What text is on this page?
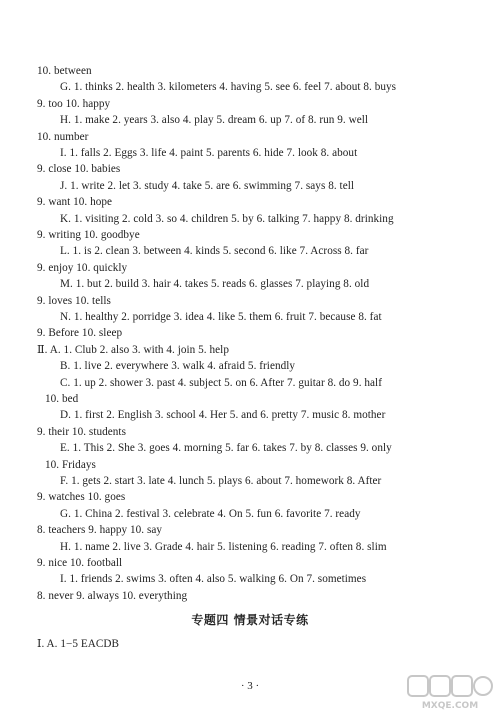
10. between
G. 1. thinks 2. health 3. kilometers 4. having 5. see 6. feel 7. about 8. buys
9. too 10. happy
H. 1. make 2. years 3. also 4. play 5. dream 6. up 7. of 8. run 9. well
10. number
I. 1. falls 2. Eggs 3. life 4. paint 5. parents 6. hide 7. look 8. about
9. close 10. babies
J. 1. write 2. let 3. study 4. take 5. are 6. swimming 7. says 8. tell
9. want 10. hope
K. 1. visiting 2. cold 3. so 4. children 5. by 6. talking 7. happy 8. drinking
9. writing 10. goodbye
L. 1. is 2. clean 3. between 4. kinds 5. second 6. like 7. Across 8. far
9. enjoy 10. quickly
M. 1. but 2. build 3. hair 4. takes 5. reads 6. glasses 7. playing 8. old
9. loves 10. tells
N. 1. healthy 2. porridge 3. idea 4. like 5. them 6. fruit 7. because 8. fat
9. Before 10. sleep
Ⅱ. A. 1. Club 2. also 3. with 4. join 5. help
B. 1. live 2. everywhere 3. walk 4. afraid 5. friendly
C. 1. up 2. shower 3. past 4. subject 5. on 6. After 7. guitar 8. do 9. half
10. bed
D. 1. first 2. English 3. school 4. Her 5. and 6. pretty 7. music 8. mother
9. their 10. students
E. 1. This 2. She 3. goes 4. morning 5. far 6. takes 7. by 8. classes 9. only
10. Fridays
F. 1. gets 2. start 3. late 4. lunch 5. plays 6. about 7. homework 8. After
9. watches 10. goes
G. 1. China 2. festival 3. celebrate 4. On 5. fun 6. favorite 7. ready
8. teachers 9. happy 10. say
H. 1. name 2. live 3. Grade 4. hair 5. listening 6. reading 7. often 8. slim
9. nice 10. football
I. 1. friends 2. swims 3. often 4. also 5. walking 6. On 7. sometimes
8. never 9. always 10. everything
专题四 情景对话专练
Ⅰ. A. 1−5 EACDB
· 3 ·
MXQE.COM
